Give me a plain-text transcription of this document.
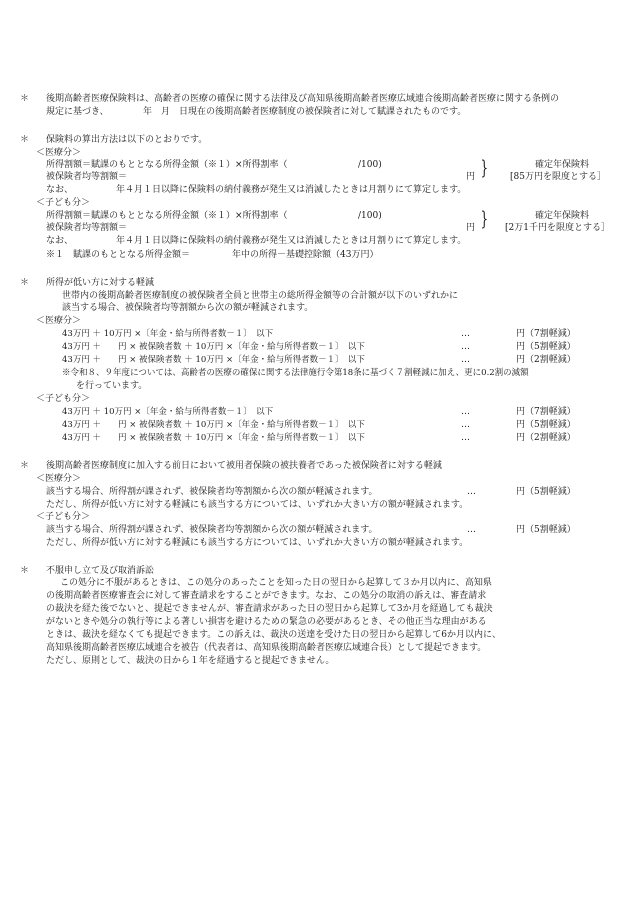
＊ 後期高齢者医療保険料は、高齢者の医療の確保に関する法律及び高知県後期高齢者医療広域連合後期高齢者医療に関する条例の
規定に基づき、	年　月　日現在の後期高齢者医療制度の被保険者に対して賦課されたものです。
＊ 保険料の算出方法は以下のとおりです。
＜医療分＞
所得割額＝賦課のもととなる所得金額（※１）×所得割率（	/100)
被保険者均等割額＝	円 }	確定年保険料
[85万円を限度とする］
なお、	年４月１日以降に保険料の納付義務が発生又は消滅したときは月割りにて算定します。
＜子ども分＞
所得割額＝賦課のもととなる所得金額（※１）×所得割率（	/100)
被保険者均等割額＝	円 }	確定年保険料
[2万1千円を限度とする］
なお、	年４月１日以降に保険料の納付義務が発生又は消滅したときは月割りにて算定します。
※１　賦課のもととなる所得金額＝	年中の所得－基礎控除額（43万円）
＊ 所得が低い方に対する軽減
世帯内の後期高齢者医療制度の被保険者全員と世帯主の総所得金額等の合計額が以下のいずれかに
該当する場合、被保険者均等割額から次の額が軽減されます。
＜医療分＞
43万円 ＋ 10万円 ×〔年金・給与所得者数－１〕　以下	…	円（7割軽減）
43万円 ＋　　円 × 被保険者数 ＋ 10万円 ×〔年金・給与所得者数－１〕　以下	…	円（5割軽減）
43万円 ＋　　円 × 被保険者数 ＋ 10万円 ×〔年金・給与所得者数－１〕　以下	…	円（2割軽減）
※令和８、９年度については、高齢者の医療の確保に関する法律施行令第18条に基づく７割軽減に加え、更に0.2割の減額
を行っています。
＜子ども分＞
43万円 ＋ 10万円 ×〔年金・給与所得者数－１〕　以下	…	円（7割軽減）
43万円 ＋　　円 × 被保険者数 ＋ 10万円 ×〔年金・給与所得者数－１〕　以下	…	円（5割軽減）
43万円 ＋　　円 × 被保険者数 ＋ 10万円 ×〔年金・給与所得者数－１〕　以下	…	円（2割軽減）
＊ 後期高齢者医療制度に加入する前日において被用者保険の被扶養者であった被保険者に対する軽減
＜医療分＞
該当する場合、所得割が課されず、被保険者均等割額から次の額が軽減されます。	…	円（5割軽減）
ただし、所得が低い方に対する軽減にも該当する方については、いずれか大きい方の額が軽減されます。
＜子ども分＞
該当する場合、所得割が課されず、被保険者均等割額から次の額が軽減されます。	…	円（5割軽減）
ただし、所得が低い方に対する軽減にも該当する方については、いずれか大きい方の額が軽減されます。
＊ 不服申し立て及び取消訴訟
この処分に不服があるときは、この処分のあったことを知った日の翌日から起算して３か月以内に、高知県
の後期高齢者医療審査会に対して審査請求をすることができます。なお、この処分の取消の訴えは、審査請求
の裁決を経た後でないと、提起できませんが、審査請求があった日の翌日から起算して3か月を経過しても裁決
がないときや処分の執行等による著しい損害を避けるための緊急の必要があるとき、その他正当な理由がある
ときは、裁決を経なくても提起できます。この訴えは、裁決の送達を受けた日の翌日から起算して6か月以内に、
高知県後期高齢者医療広域連合を被告（代表者は、高知県後期高齢者医療広域連合長）として提起できます。
ただし、原則として、裁決の日から１年を経過すると提起できません。
